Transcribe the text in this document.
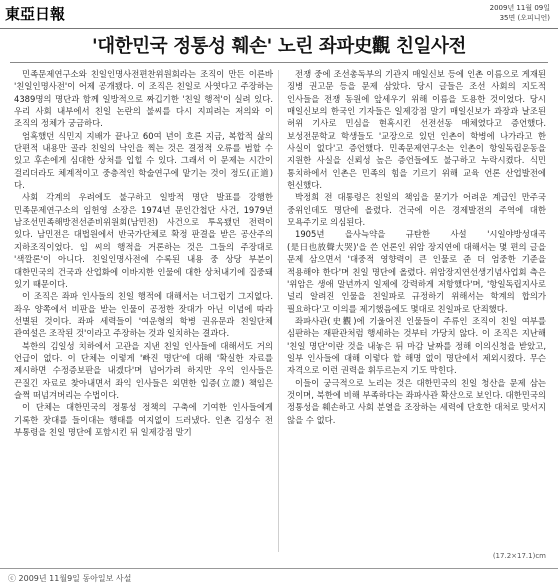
東亞日報	2009년 11월 09일
35면 (오피니언)
'대한민국 정통성 훼손' 노린 좌파史觀 친일사전

민족문제연구소와 친일인명사전편찬위원회라는 조직이 만든 이른바 '친일인명사전'이 어제 공개됐다. 이 조직은 친일로 사엿다고 주장하는 4389명의 명단과 함께 일방적으로 짜깁기한 '친일 행적'이 실려 있다. 우리 사회 내부에서 친일 논란의 불씨를 다시 지피려는 저의와 이 조직의 정체가 궁금하다.

엄혹했던 식민지 지배가 끝나고 60여 년이 흐른 지금, 복합적 삶의 단편적 내용만 골라 친일의 낙인을 찍는 것은 결정적 오류를 범할 수 있고 후손에게 심대한 상처를 입힐 수 있다. 그래서 이 문제는 시간이 걸리더라도 체계적이고 중층적인 학술연구에 맡기는 것이 정도(正道)다.

사회 각계의 우려에도 불구하고 일방적 명단 발표를 강행한 민족문제연구소의 임헌영 소장은 1974년 문인간첩단 사건, 1979년 남조선민족해방전선준비위원회(남민전) 사건으로 투옥됐던 전력이 있다. 남민전은 대법원에서 반국가단체로 확정 판결을 받은 공산주의 지하조직이었다. 임 씨의 행적을 거론하는 것은 그들의 주장대로 '색깔론'이 아니다. 친일인명사전에 수록된 내용 중 상당 부분이 대한민국의 건국과 산업화에 이바지한 인물에 대한 상처내기에 집중돼 있기 때문이다.

이 조직은 좌파 인사들의 친일 행적에 대해서는 너그럽기 그지없다. 좌우 양쪽에서 비판을 받는 인물이 공정한 잣대가 아닌 이념에 따라 선별된 것이다. 좌파 세력들이 '여운형의 학병 권유문과 친일단체 관여설은 조작된 것'이라고 주장하는 것과 일치하는 결과다.

북한의 김일성 치하에서 고관을 지낸 친일 인사들에 대해서도 거의 언급이 없다. 이 단체는 이렇게 '빠진 명단'에 대해 '확실한 자료를 제시하면 수정증보판을 내겠다'며 넘어가려 하지만 우익 인사들은 끈질긴 자료로 찾아내면서 좌익 인사들은 외면한 입증(立證) 책임은 슬쩍 떠넘겨버리는 수법이다.

이 단체는 대한민국의 정통성 정책의 구축에 기여한 인사들에게 기록한 잣대를 들이대는 행태를 여지없이 드러냈다. 인촌 김성수 전 부통령을 친일 명단에 포함시킨 뒤 일제강점 말기

전쟁 중에 조선총독부의 기관지 매일신보 등에 인촌 이름으로 게재된 징병 권고문 등을 문제 삼았다. 당시 글들은 조선 사회의 지도적 인사들을 전쟁 동원에 앞세우기 위해 이름을 도용한 것이었다. 당시 매일신보의 한국인 기자들은 일제강점 말기 매일신보가 과장과 날조된 허위 기사로 민심을 현혹시킨 선전선동 매체였다고 증언했다. 보성전문학교 학생들도 '교장으로 있던 인촌이 학병에 나가라고 한 사실이 없다'고 증언했다. 민족문제연구소는 인촌이 항일독립운동을 지원한 사실을 신뢰성 높은 증언들에도 불구하고 누락시켰다. 식민 통치하에서 인촌은 민족의 힘을 기르기 위해 교육 언론 산업발전에 헌신했다.

박정희 전 대통령은 친일의 책임을 묻기가 어려운 계급인 만주국 중위인데도 명단에 올렸다. 건국에 이은 경제발전의 주역에 대한 모욕주기로 의심된다.

1905년 을사늑약을 규탄한 사설 '시일야방성대곡(是日也放聲大哭)'을 쓴 언론인 위암 장지연에 대해서는 몇 편의 글을 문제 삼으면서 '대중적 영향력이 큰 인물로 준 더 엄중한 기준을 적용해야 한다'며 친일 명단에 올렸다. 위암장지연선생기념사업회 측은 '위암은 생애 말년까지 일제에 강력하게 저항했다'며, '항일독립지사로 널리 알려진 인물을 친일파로 규정하기 위해서는 학계의 합의가 필요하다'고 이의를 제기했음에도 몇대로 친일파로 단죄했다.

좌파사관(史觀)에 기울어진 인물들이 주류인 조직이 친일 여부를 심판하는 재판관처럼 행세하는 것부터 가당치 않다. 이 조직은 지난해 '친일 명단'이란 것을 내놓은 뒤 마감 날짜를 정해 이의신청을 받았고, 일부 인사들에 대해 이렇다 할 해명 없이 명단에서 제외시켰다. 무슨 자격으로 이런 권력을 휘두르는지 기도 막힌다.

이들이 궁극적으로 노리는 것은 대한민국의 친일 청산을 문제 삼는 것이며, 북한에 비해 부족하다는 좌파사관 확산으로 보인다. 대한민국의 정통성을 훼손하고 사회 분열을 조장하는 세력에 단호한 대처로 맞서지 않을 수 없다.

(17.2×17.1)cm
ⓒ 2009년 11월9일 동아일보 사설
